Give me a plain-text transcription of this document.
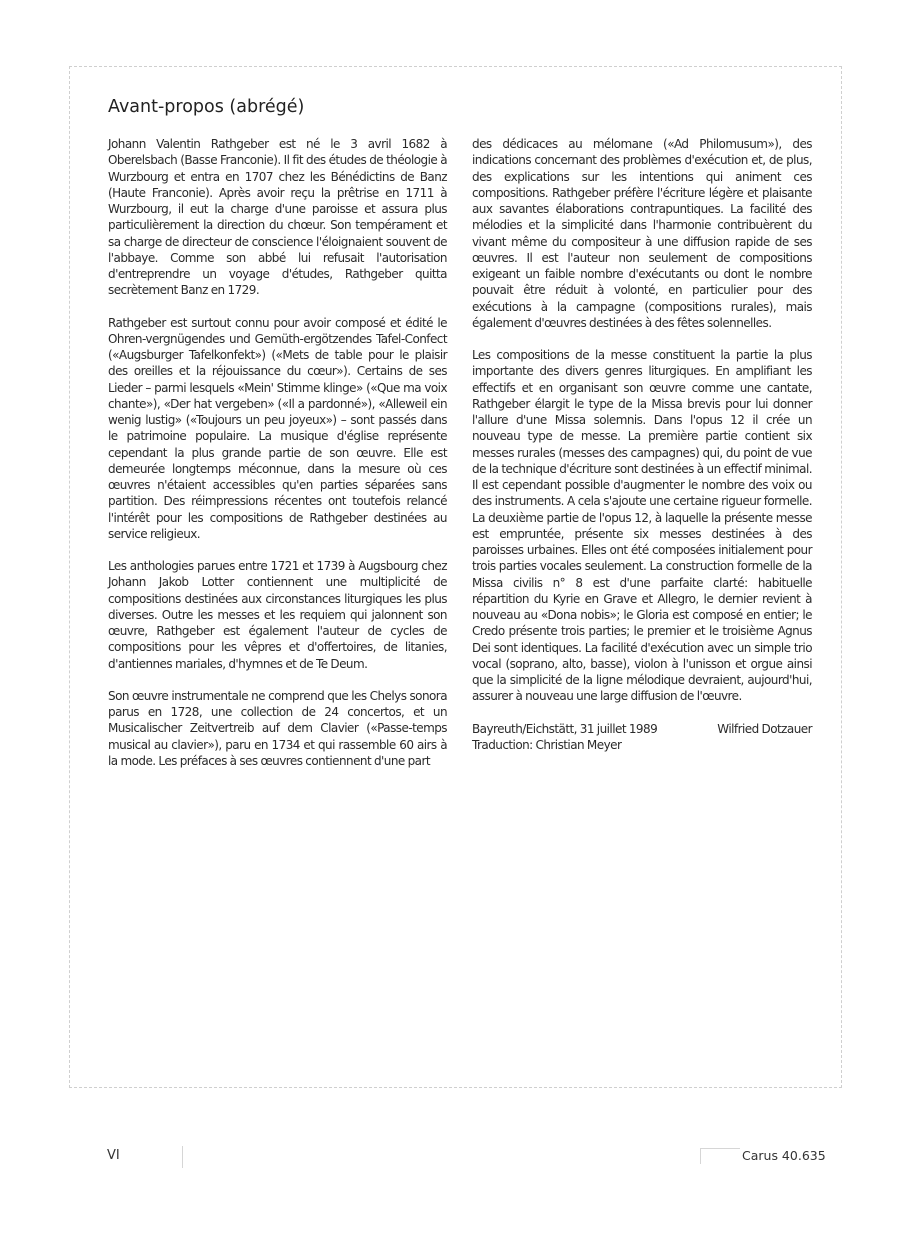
Avant-propos (abrégé)

Johann Valentin Rathgeber est né le 3 avril 1682 à Oberelsbach (Basse Franconie). Il fit des études de théologie à Wurzbourg et entra en 1707 chez les Bénédictins de Banz (Haute Franconie). Après avoir reçu la prêtrise en 1711 à Wurzbourg, il eut la charge d'une paroisse et assura plus particulièrement la direction du chœur. Son tempérament et sa charge de directeur de conscience l'éloignaient souvent de l'abbaye. Comme son abbé lui refusait l'autorisation d'entreprendre un voyage d'études, Rathgeber quitta secrètement Banz en 1729.

Rathgeber est surtout connu pour avoir composé et édité le Ohren-vergnügendes und Gemüth-ergötzendes Tafel-Confect («Augsburger Tafelkonfekt») («Mets de table pour le plaisir des oreilles et la réjouissance du cœur»). Certains de ses Lieder – parmi lesquels «Mein' Stimme klinge» («Que ma voix chante»), «Der hat vergeben» («Il a pardonné»), «Alleweil ein wenig lustig» («Toujours un peu joyeux») – sont passés dans le patrimoine populaire. La musique d'église représente cependant la plus grande partie de son œuvre. Elle est demeurée longtemps méconnue, dans la mesure où ces œuvres n'étaient accessibles qu'en parties séparées sans partition. Des réimpressions récentes ont toutefois relancé l'intérêt pour les compositions de Rathgeber destinées au service religieux.

Les anthologies parues entre 1721 et 1739 à Augsbourg chez Johann Jakob Lotter contiennent une multiplicité de compositions destinées aux circonstances liturgiques les plus diverses. Outre les messes et les requiem qui jalonnent son œuvre, Rathgeber est également l'auteur de cycles de compositions pour les vêpres et d'offertoires, de litanies, d'antiennes mariales, d'hymnes et de Te Deum.

Son œuvre instrumentale ne comprend que les Chelys sonora parus en 1728, une collection de 24 concertos, et un Musicalischer Zeitvertreib auf dem Clavier («Passe-temps musical au clavier»), paru en 1734 et qui rassemble 60 airs à la mode. Les préfaces à ses œuvres contiennent d'une part

des dédicaces au mélomane («Ad Philomusum»), des indications concernant des problèmes d'exécution et, de plus, des explications sur les intentions qui animent ces compositions. Rathgeber préfère l'écriture légère et plaisante aux savantes élaborations contrapuntiques. La facilité des mélodies et la simplicité dans l'harmonie contribuèrent du vivant même du compositeur à une diffusion rapide de ses œuvres. Il est l'auteur non seulement de compositions exigeant un faible nombre d'exécutants ou dont le nombre pouvait être réduit à volonté, en particulier pour des exécutions à la campagne (compositions rurales), mais également d'œuvres destinées à des fêtes solennelles.

Les compositions de la messe constituent la partie la plus importante des divers genres liturgiques. En amplifiant les effectifs et en organisant son œuvre comme une cantate, Rathgeber élargit le type de la Missa brevis pour lui donner l'allure d'une Missa solemnis. Dans l'opus 12 il crée un nouveau type de messe. La première partie contient six messes rurales (messes des campagnes) qui, du point de vue de la technique d'écriture sont destinées à un effectif minimal. Il est cependant possible d'augmenter le nombre des voix ou des instruments. A cela s'ajoute une certaine rigueur formelle. La deuxième partie de l'opus 12, à laquelle la présente messe est empruntée, présente six messes destinées à des paroisses urbaines. Elles ont été composées initialement pour trois parties vocales seulement. La construction formelle de la Missa civilis n° 8 est d'une parfaite clarté: habituelle répartition du Kyrie en Grave et Allegro, le dernier revient à nouveau au «Dona nobis»; le Gloria est composé en entier; le Credo présente trois parties; le premier et le troisième Agnus Dei sont identiques. La facilité d'exécution avec un simple trio vocal (soprano, alto, basse), violon à l'unisson et orgue ainsi que la simplicité de la ligne mélodique devraient, aujourd'hui, assurer à nouveau une large diffusion de l'œuvre.

Bayreuth/Eichstätt, 31 juillet 1989	Wilfried Dotzauer
Traduction: Christian Meyer
VI	Carus 40.635
